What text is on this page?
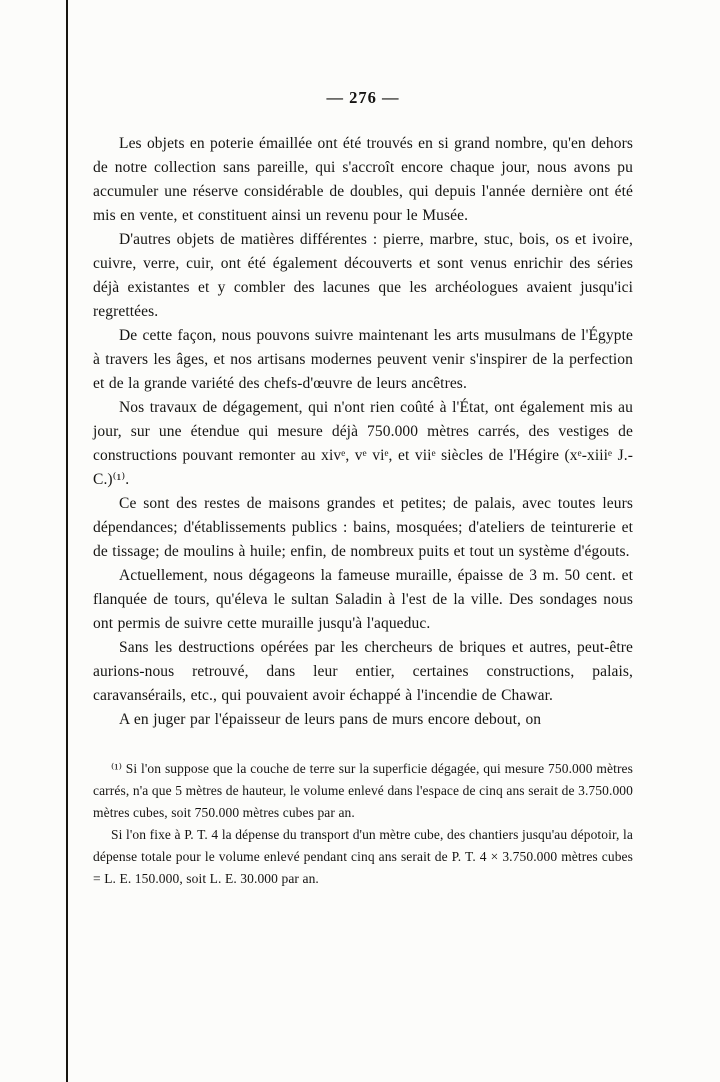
— 276 —

Les objets en poterie émaillée ont été trouvés en si grand nombre, qu'en dehors de notre collection sans pareille, qui s'accroît encore chaque jour, nous avons pu accumuler une réserve considérable de doubles, qui depuis l'année dernière ont été mis en vente, et constituent ainsi un revenu pour le Musée.

D'autres objets de matières différentes : pierre, marbre, stuc, bois, os et ivoire, cuivre, verre, cuir, ont été également découverts et sont venus enrichir des séries déjà existantes et y combler des lacunes que les archéologues avaient jusqu'ici regrettées.

De cette façon, nous pouvons suivre maintenant les arts musulmans de l'Égypte à travers les âges, et nos artisans modernes peuvent venir s'inspirer de la perfection et de la grande variété des chefs-d'œuvre de leurs ancêtres.

Nos travaux de dégagement, qui n'ont rien coûté à l'État, ont également mis au jour, sur une étendue qui mesure déjà 750.000 mètres carrés, des vestiges de constructions pouvant remonter au xivᵉ, vᵉ viᵉ, et viiᵉ siècles de l'Hégire (xᵉ-xiiiᵉ J.-C.)⁽¹⁾.

Ce sont des restes de maisons grandes et petites; de palais, avec toutes leurs dépendances; d'établissements publics : bains, mosquées; d'ateliers de teinturerie et de tissage; de moulins à huile; enfin, de nombreux puits et tout un système d'égouts.

Actuellement, nous dégageons la fameuse muraille, épaisse de 3 m. 50 cent. et flanquée de tours, qu'éleva le sultan Saladin à l'est de la ville. Des sondages nous ont permis de suivre cette muraille jusqu'à l'aqueduc.

Sans les destructions opérées par les chercheurs de briques et autres, peut-être aurions-nous retrouvé, dans leur entier, certaines constructions, palais, caravansérails, etc., qui pouvaient avoir échappé à l'incendie de Chawar.

A en juger par l'épaisseur de leurs pans de murs encore debout, on

⁽¹⁾ Si l'on suppose que la couche de terre sur la superficie dégagée, qui mesure 750.000 mètres carrés, n'a que 5 mètres de hauteur, le volume enlevé dans l'espace de cinq ans serait de 3.750.000 mètres cubes, soit 750.000 mètres cubes par an.

Si l'on fixe à P. T. 4 la dépense du transport d'un mètre cube, des chantiers jusqu'au dépotoir, la dépense totale pour le volume enlevé pendant cinq ans serait de P. T. 4 × 3.750.000 mètres cubes = L. E. 150.000, soit L. E. 30.000 par an.
